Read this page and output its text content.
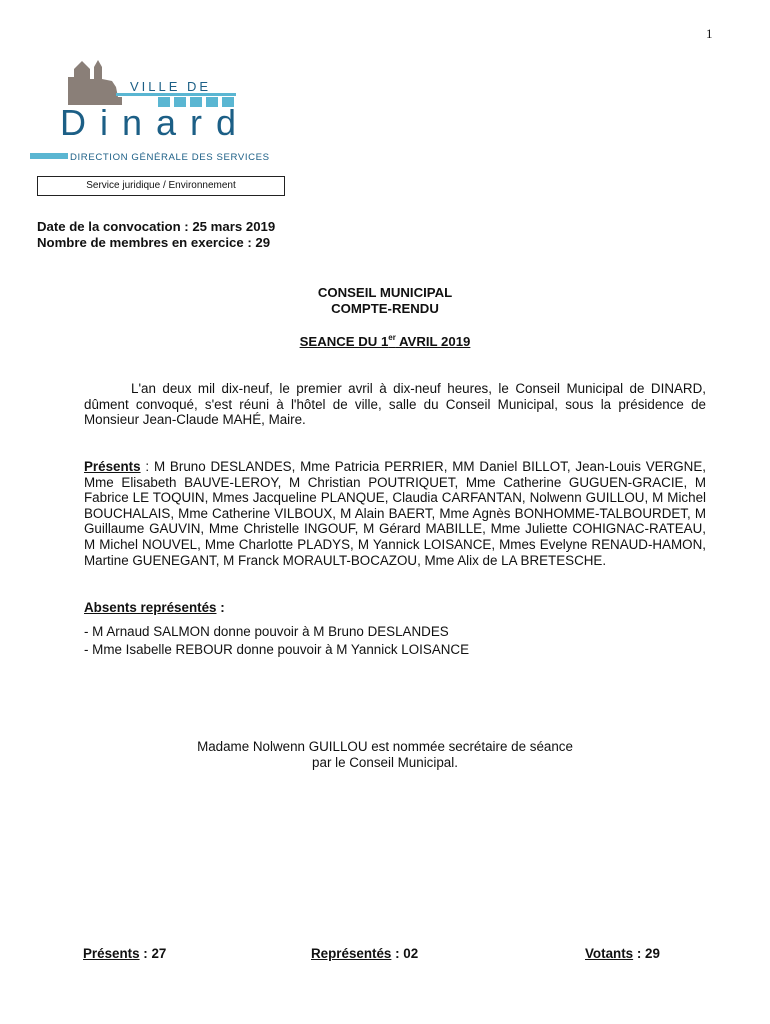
1
VILLE DE
Dinard
DIRECTION GÉNÉRALE DES SERVICES
Service juridique / Environnement
Date de la convocation : 25 mars 2019
Nombre de membres en exercice : 29
CONSEIL MUNICIPAL
COMPTE-RENDU
SEANCE DU 1er AVRIL 2019
L'an deux mil dix-neuf, le premier avril à dix-neuf heures, le Conseil Municipal de DINARD, dûment convoqué, s'est réuni à l'hôtel de ville, salle du Conseil Municipal, sous la présidence de Monsieur Jean-Claude MAHÉ, Maire.
Présents : M Bruno DESLANDES, Mme Patricia PERRIER, MM Daniel BILLOT, Jean-Louis VERGNE, Mme Elisabeth BAUVE-LEROY, M Christian POUTRIQUET, Mme Catherine GUGUEN-GRACIE, M Fabrice LE TOQUIN, Mmes Jacqueline PLANQUE, Claudia CARFANTAN, Nolwenn GUILLOU, M Michel BOUCHALAIS, Mme Catherine VILBOUX, M Alain BAERT, Mme Agnès BONHOMME-TALBOURDET, M Guillaume GAUVIN, Mme Christelle INGOUF, M Gérard MABILLE, Mme Juliette COHIGNAC-RATEAU, M Michel NOUVEL, Mme Charlotte PLADYS, M Yannick LOISANCE, Mmes Evelyne RENAUD-HAMON, Martine GUENEGANT, M Franck MORAULT-BOCAZOU, Mme Alix de LA BRETESCHE.
Absents représentés :
- M Arnaud SALMON donne pouvoir à M Bruno DESLANDES
- Mme Isabelle REBOUR donne pouvoir à M Yannick LOISANCE
Madame Nolwenn GUILLOU est nommée secrétaire de séance
par le Conseil Municipal.
Présents : 27	Représentés : 02	Votants : 29
